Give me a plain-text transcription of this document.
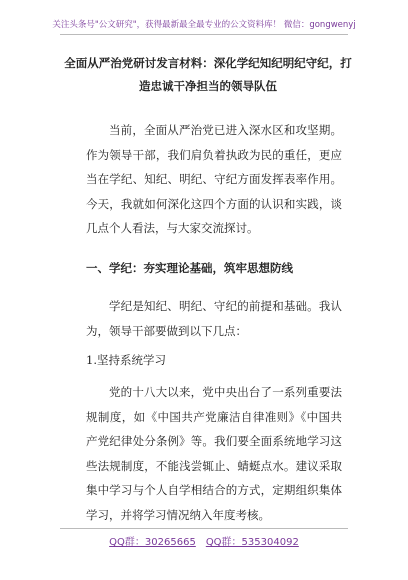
关注头条号"公文研究"，获得最新最全最专业的公文资料库！ 微信：gongwenyj
全面从严治党研讨发言材料：深化学纪知纪明纪守纪，打造忠诚干净担当的领导队伍
当前，全面从严治党已进入深水区和攻坚期。作为领导干部，我们肩负着执政为民的重任，更应当在学纪、知纪、明纪、守纪方面发挥表率作用。今天，我就如何深化这四个方面的认识和实践，谈几点个人看法，与大家交流探讨。
一、学纪：夯实理论基础，筑牢思想防线
学纪是知纪、明纪、守纪的前提和基础。我认为，领导干部要做到以下几点：
1.坚持系统学习
党的十八大以来，党中央出台了一系列重要法规制度，如《中国共产党廉洁自律准则》《中国共产党纪律处分条例》等。我们要全面系统地学习这些法规制度，不能浅尝辄止、蜻蜓点水。建议采取集中学习与个人自学相结合的方式，定期组织集体学习，并将学习情况纳入年度考核。
QQ群：30265665 QQ群：535304092
